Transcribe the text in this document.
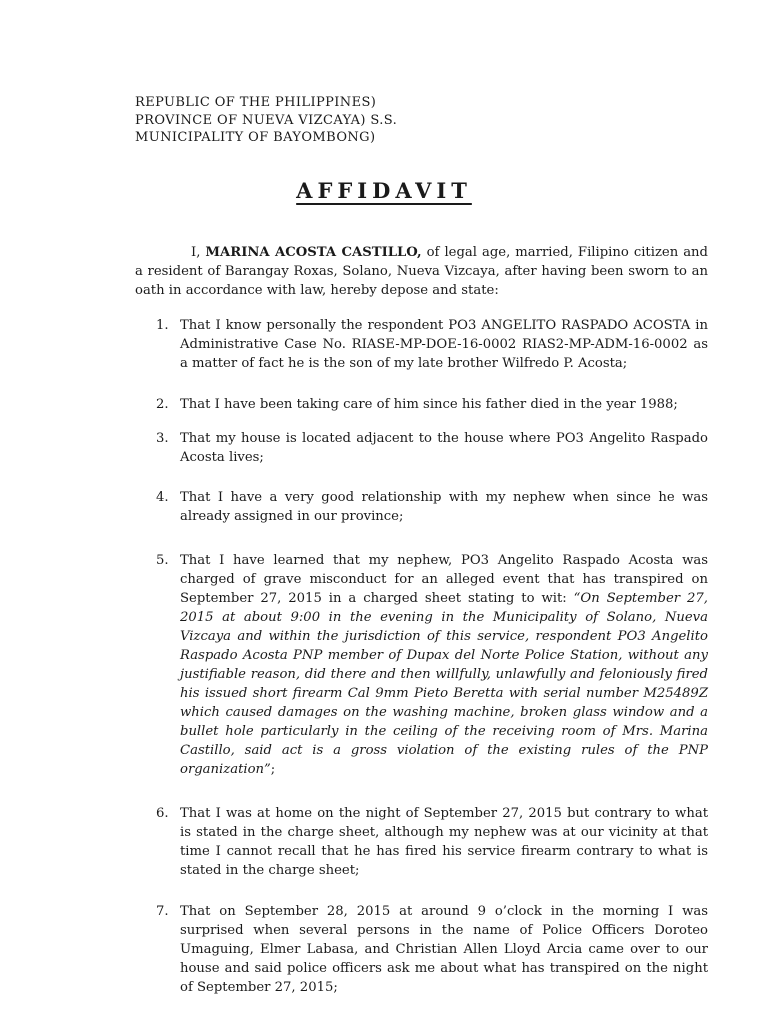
REPUBLIC OF THE PHILIPPINES)
PROVINCE OF NUEVA VIZCAYA) S.S.
MUNICIPALITY OF BAYOMBONG)
AFFIDAVIT

I, MARINA ACOSTA CASTILLO, of legal age, married, Filipino citizen and a resident of Barangay Roxas, Solano, Nueva Vizcaya, after having been sworn to an oath in accordance with law, hereby depose and state:

1. That I know personally the respondent PO3 ANGELITO RASPADO ACOSTA in Administrative Case No. RIASE-MP-DOE-16-0002 RIAS2-MP-ADM-16-0002 as a matter of fact he is the son of my late brother Wilfredo P. Acosta;
2. That I have been taking care of him since his father died in the year 1988;
3. That my house is located adjacent to the house where PO3 Angelito Raspado Acosta lives;
4. That I have a very good relationship with my nephew when since he was already assigned in our province;
5. That I have learned that my nephew, PO3 Angelito Raspado Acosta was charged of grave misconduct for an alleged event that has transpired on September 27, 2015 in a charged sheet stating to wit: “On September 27, 2015 at about 9:00 in the evening in the Municipality of Solano, Nueva Vizcaya and within the jurisdiction of this service, respondent PO3 Angelito Raspado Acosta PNP member of Dupax del Norte Police Station, without any justifiable reason, did there and then willfully, unlawfully and feloniously fired his issued short firearm Cal 9mm Pieto Beretta with serial number M25489Z which caused damages on the washing machine, broken glass window and a bullet hole particularly in the ceiling of the receiving room of Mrs. Marina Castillo, said act is a gross violation of the existing rules of the PNP organization”;
6. That I was at home on the night of September 27, 2015 but contrary to what is stated in the charge sheet, although my nephew was at our vicinity at that time I cannot recall that he has fired his service firearm contrary to what is stated in the charge sheet;
7. That on September 28, 2015 at around 9 o’clock in the morning I was surprised when several persons in the name of Police Officers Doroteo Umaguing, Elmer Labasa, and Christian Allen Lloyd Arcia came over to our house and said police officers ask me about what has transpired on the night of September 27, 2015;
